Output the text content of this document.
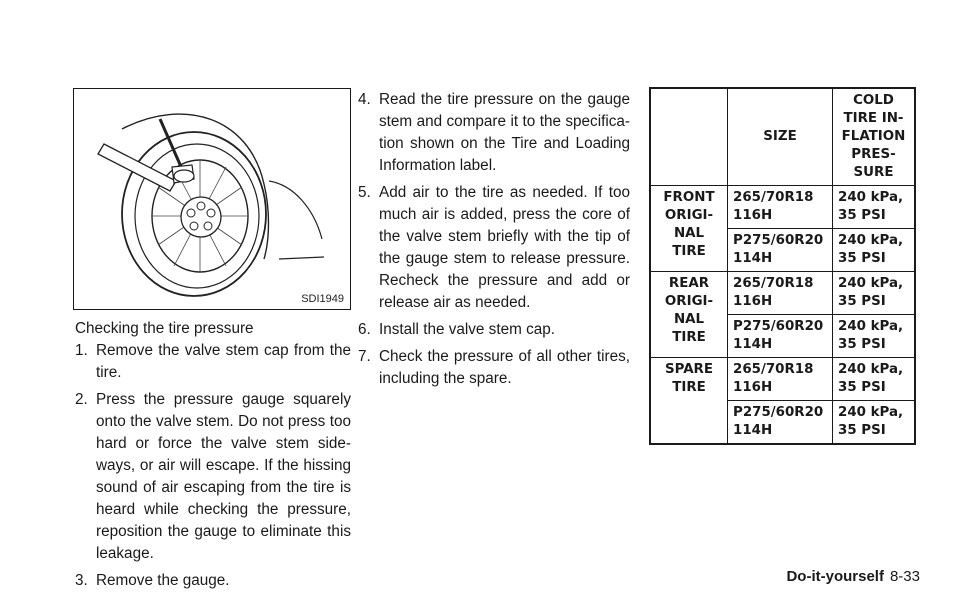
SDI1949

Checking the tire pressure

1. Remove the valve stem cap from the tire.
2. Press the pressure gauge squarely onto the valve stem. Do not press too hard or force the valve stem side-ways, or air will escape. If the hissing sound of air escaping from the tire is heard while checking the pressure, reposition the gauge to eliminate this leakage.
3. Remove the gauge.
4. Read the tire pressure on the gauge stem and compare it to the specifica-tion shown on the Tire and Loading Information label.
5. Add air to the tire as needed. If too much air is added, press the core of the valve stem briefly with the tip of the gauge stem to release pressure. Recheck the pressure and add or release air as needed.
6. Install the valve stem cap.
7. Check the pressure of all other tires, including the spare.
	SIZE	COLD TIRE IN-FLATION PRES-SURE
FRONT ORIGI-NAL TIRE	265/70R18 116H	240 kPa, 35 PSI
	P275/60R20 114H	240 kPa, 35 PSI
REAR ORIGI-NAL TIRE	265/70R18 116H	240 kPa, 35 PSI
	P275/60R20 114H	240 kPa, 35 PSI
SPARE TIRE	265/70R18 116H	240 kPa, 35 PSI
	P275/60R20 114H	240 kPa, 35 PSI
Do-it-yourself 8-33
